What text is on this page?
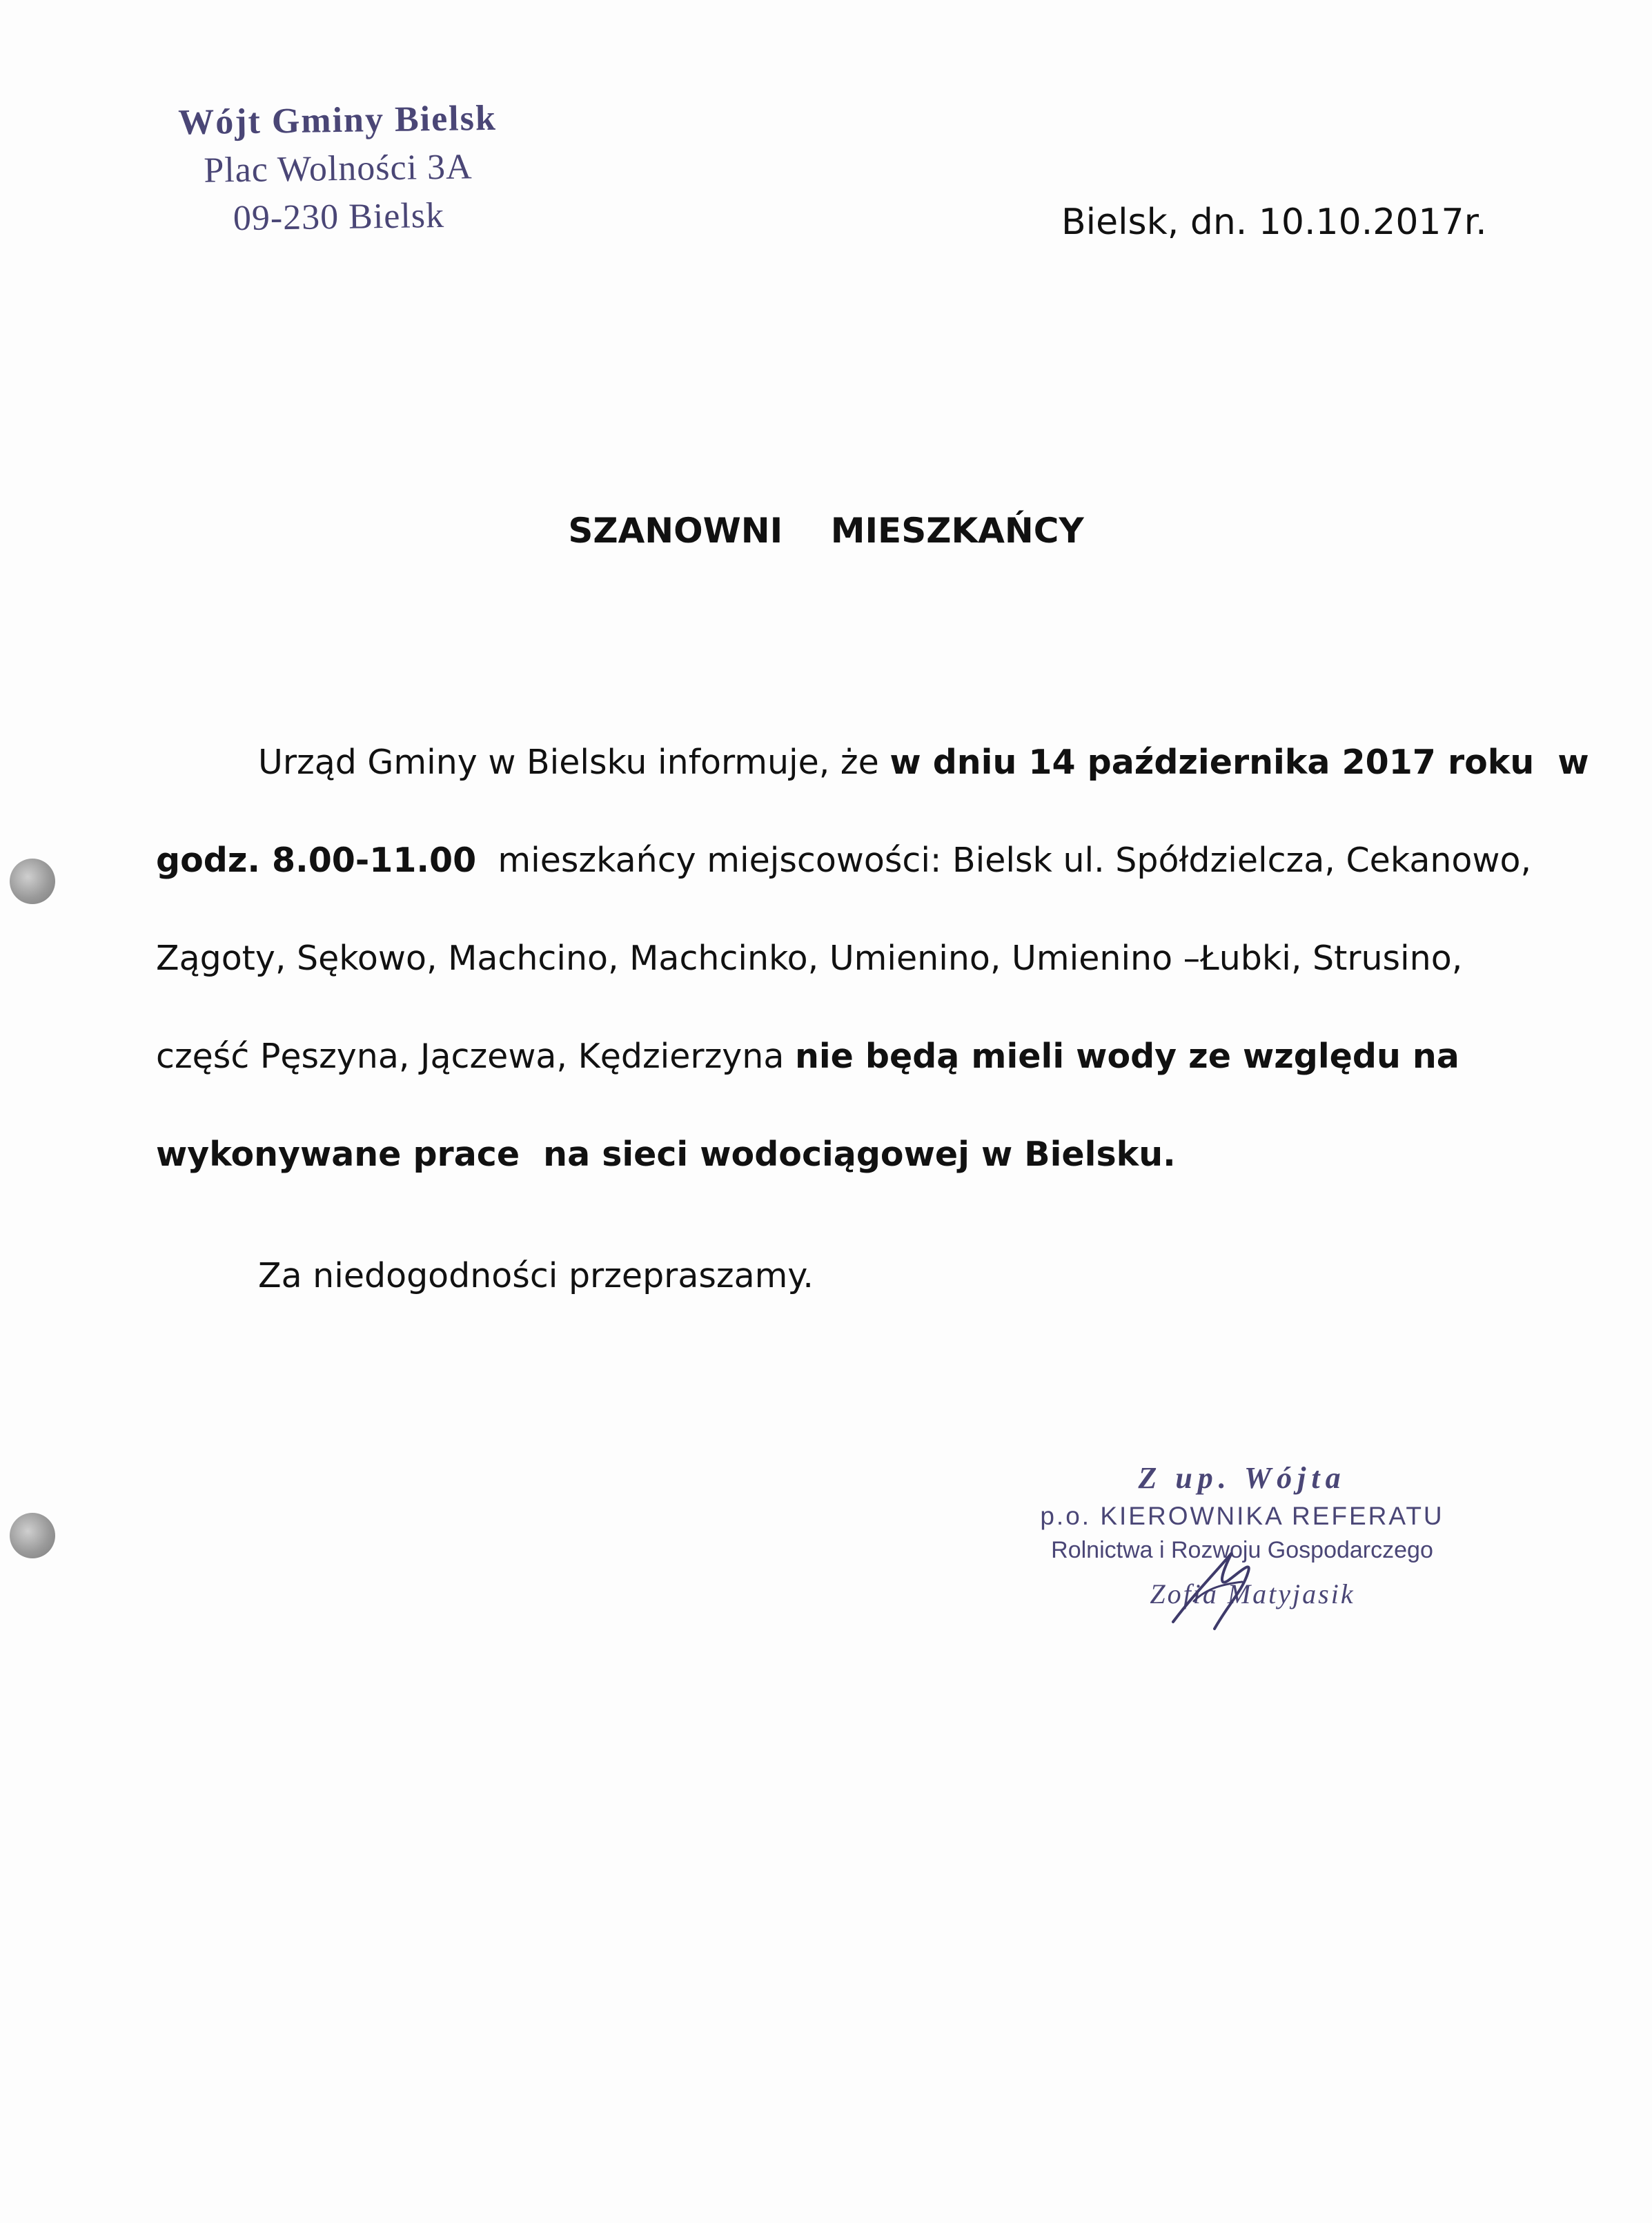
Wójt Gminy Bielsk
Plac Wolności 3A
09-230 Bielsk	Bielsk, dn. 10.10.2017r.
SZANOWNI MIESZKAŃCY
Urząd Gminy w Bielsku informuje, że w dniu 14 października 2017 roku  w
godz. 8.00-11.00 mieszkańcy miejscowości: Bielsk ul. Spółdzielcza, Cekanowo,
Zągoty, Sękowo, Machcino, Machcinko, Umienino, Umienino –Łubki, Strusino,
część Pęszyna, Jączewa, Kędzierzyna nie będą mieli wody ze względu na
wykonywane prace  na sieci wodociągowej w Bielsku.
Za niedogodności przepraszamy.
Z up. Wójta
p.o. KIEROWNIKA REFERATU
Rolnictwa i Rozwoju Gospodarczego
Zofia Matyjasik
